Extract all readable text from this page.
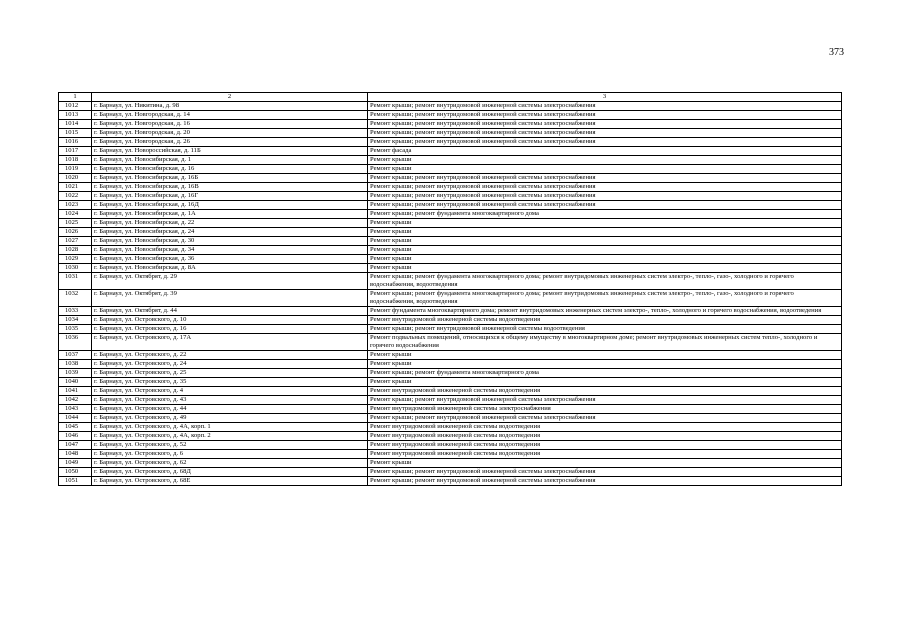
373
1	2	3
1012	г. Барнаул, ул. Никитина, д. 98	Ремонт крыши; ремонт внутридомовой инженерной системы электроснабжения
1013	г. Барнаул, ул. Новгородская, д. 14	Ремонт крыши; ремонт внутридомовой инженерной системы электроснабжения
1014	г. Барнаул, ул. Новгородская, д. 16	Ремонт крыши; ремонт внутридомовой инженерной системы электроснабжения
1015	г. Барнаул, ул. Новгородская, д. 20	Ремонт крыши; ремонт внутридомовой инженерной системы электроснабжения
1016	г. Барнаул, ул. Новгородская, д. 26	Ремонт крыши; ремонт внутридомовой инженерной системы электроснабжения
1017	г. Барнаул, ул. Новороссийская, д. 11Б	Ремонт фасада
1018	г. Барнаул, ул. Новосибирская, д. 1	Ремонт крыши
1019	г. Барнаул, ул. Новосибирская, д. 16	Ремонт крыши
1020	г. Барнаул, ул. Новосибирская, д. 16Б	Ремонт крыши; ремонт внутридомовой инженерной системы электроснабжения
1021	г. Барнаул, ул. Новосибирская, д. 16В	Ремонт крыши; ремонт внутридомовой инженерной системы электроснабжения
1022	г. Барнаул, ул. Новосибирская, д. 16Г	Ремонт крыши; ремонт внутридомовой инженерной системы электроснабжения
1023	г. Барнаул, ул. Новосибирская, д. 16Д	Ремонт крыши; ремонт внутридомовой инженерной системы электроснабжения
1024	г. Барнаул, ул. Новосибирская, д. 1А	Ремонт крыши; ремонт фундамента многоквартирного дома
1025	г. Барнаул, ул. Новосибирская, д. 22	Ремонт крыши
1026	г. Барнаул, ул. Новосибирская, д. 24	Ремонт крыши
1027	г. Барнаул, ул. Новосибирская, д. 30	Ремонт крыши
1028	г. Барнаул, ул. Новосибирская, д. 34	Ремонт крыши
1029	г. Барнаул, ул. Новосибирская, д. 36	Ремонт крыши
1030	г. Барнаул, ул. Новосибирская, д. 8А	Ремонт крыши
1031	г. Барнаул, ул. Октябрят, д. 29	Ремонт крыши; ремонт фундамента многоквартирного дома; ремонт внутридомовых инженерных систем электро-, тепло-, газо-, холодного и горячего водоснабжения, водоотведения
1032	г. Барнаул, ул. Октябрят, д. 39	Ремонт крыши; ремонт фундамента многоквартирного дома; ремонт внутридомовых инженерных систем электро-, тепло-, газо-, холодного и горячего водоснабжения, водоотведения
1033	г. Барнаул, ул. Октябрят, д. 44	Ремонт фундамента многоквартирного дома; ремонт внутридомовых инженерных систем электро-, тепло-, холодного и горячего водоснабжения, водоотведения
1034	г. Барнаул, ул. Островского, д. 10	Ремонт внутридомовой инженерной системы водоотведения
1035	г. Барнаул, ул. Островского, д. 16	Ремонт крыши; ремонт внутридомовой инженерной системы водоотведения
1036	г. Барнаул, ул. Островского, д. 17А	Ремонт подвальных помещений, относящихся к общему имуществу в многоквартирном доме; ремонт внутридомовых инженерных систем тепло-, холодного и горячего водоснабжения
1037	г. Барнаул, ул. Островского, д. 22	Ремонт крыши
1038	г. Барнаул, ул. Островского, д. 24	Ремонт крыши
1039	г. Барнаул, ул. Островского, д. 25	Ремонт крыши; ремонт фундамента многоквартирного дома
1040	г. Барнаул, ул. Островского, д. 35	Ремонт крыши
1041	г. Барнаул, ул. Островского, д. 4	Ремонт внутридомовой инженерной системы водоотведения
1042	г. Барнаул, ул. Островского, д. 43	Ремонт крыши; ремонт внутридомовой инженерной системы электроснабжения
1043	г. Барнаул, ул. Островского, д. 44	Ремонт внутридомовой инженерной системы электроснабжения
1044	г. Барнаул, ул. Островского, д. 49	Ремонт крыши; ремонт внутридомовой инженерной системы электроснабжения
1045	г. Барнаул, ул. Островского, д. 4А, корп. 1	Ремонт внутридомовой инженерной системы водоотведения
1046	г. Барнаул, ул. Островского, д. 4А, корп. 2	Ремонт внутридомовой инженерной системы водоотведения
1047	г. Барнаул, ул. Островского, д. 52	Ремонт внутридомовой инженерной системы водоотведения
1048	г. Барнаул, ул. Островского, д. 6	Ремонт внутридомовой инженерной системы водоотведения
1049	г. Барнаул, ул. Островского, д. 62	Ремонт крыши
1050	г. Барнаул, ул. Островского, д. 68Д	Ремонт крыши; ремонт внутридомовой инженерной системы электроснабжения
1051	г. Барнаул, ул. Островского, д. 68Е	Ремонт крыши; ремонт внутридомовой инженерной системы электроснабжения
